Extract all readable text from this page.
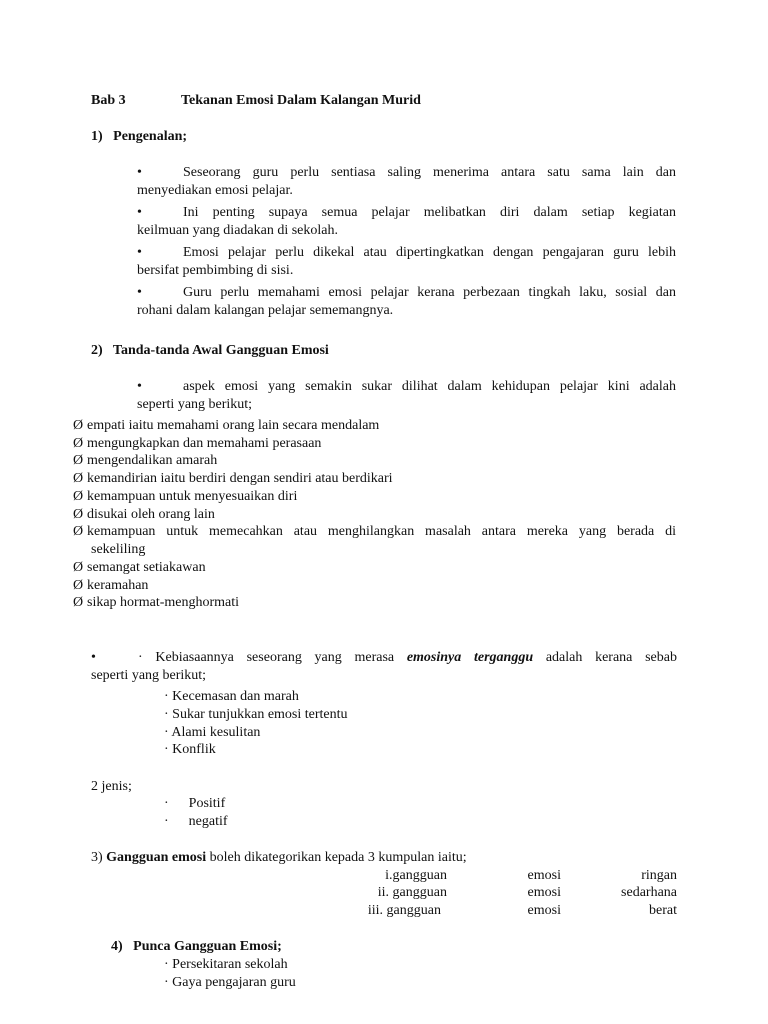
Bab 3	Tekanan Emosi Dalam Kalangan Murid
1)   Pengenalan;
•	Seseorang guru perlu sentiasa saling menerima antara satu sama lain dan
menyediakan emosi pelajar.
•	Ini penting supaya semua pelajar melibatkan diri dalam setiap kegiatan
keilmuan yang diadakan di sekolah.
•	Emosi pelajar perlu dikekal atau dipertingkatkan dengan pengajaran guru lebih
bersifat pembimbing di sisi.
•	Guru perlu memahami emosi pelajar kerana perbezaan tingkah laku, sosial dan
rohani dalam kalangan pelajar sememangnya.
2)   Tanda-tanda Awal Gangguan Emosi
•	aspek emosi yang semakin sukar dilihat dalam kehidupan pelajar kini adalah
seperti yang berikut;
Ø empati iaitu memahami orang lain secara mendalam
Ø mengungkapkan dan memahami perasaan
Ø mengendalikan amarah
Ø kemandirian iaitu berdiri dengan sendiri atau berdikari
Ø kemampuan untuk menyesuaikan diri
Ø disukai oleh orang lain
Ø kemampuan untuk memecahkan atau menghilangkan masalah antara mereka yang berada di
sekeliling
Ø semangat setiakawan
Ø keramahan
Ø sikap hormat-menghormati
•	· Kebiasaannya seseorang yang merasa emosinya terganggu adalah kerana sebab
seperti yang berikut;
· Kecemasan dan marah
· Sukar tunjukkan emosi tertentu
· Alami kesulitan
· Konflik
2 jenis;
· Positif
· negatif
3) Gangguan emosi boleh dikategorikan kepada 3 kumpulan iaitu;
i.gangguan	emosi	ringan
ii. gangguan	emosi	sedarhana
iii. gangguan	emosi	berat
4)   Punca Gangguan Emosi;
· Persekitaran sekolah
· Gaya pengajaran guru
